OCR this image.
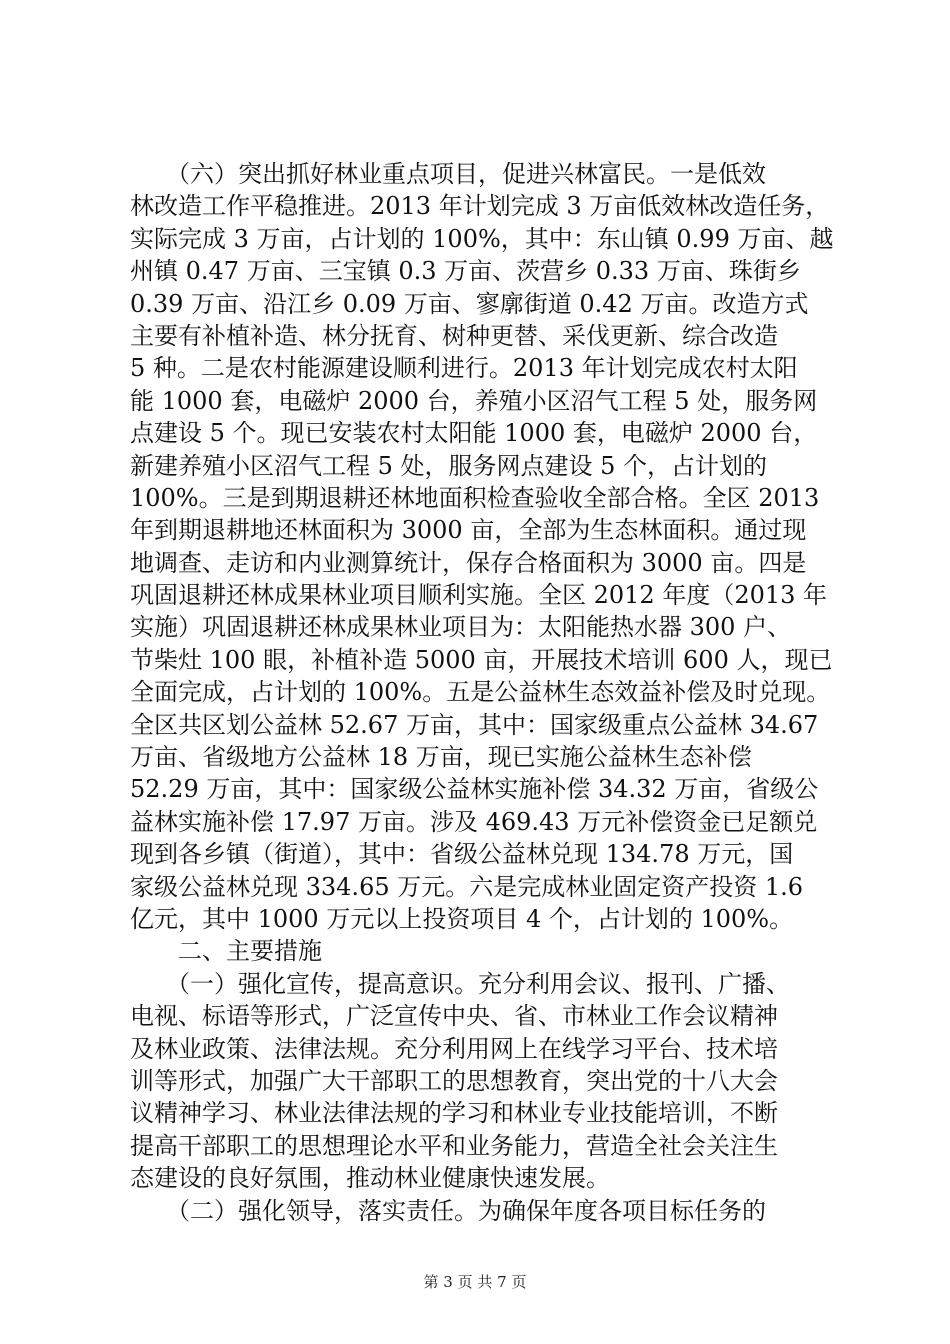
　　（六）突出抓好林业重点项目，促进兴林富民。一是低效
林改造工作平稳推进。2013 年计划完成 3 万亩低效林改造任务，
实际完成 3 万亩，占计划的 100%，其中：东山镇 0.99 万亩、越
州镇 0.47 万亩、三宝镇 0.3 万亩、茨营乡 0.33 万亩、珠街乡
0.39 万亩、沿江乡 0.09 万亩、寥廓街道 0.42 万亩。改造方式
主要有补植补造、林分抚育、树种更替、采伐更新、综合改造
5 种。二是农村能源建设顺利进行。2013 年计划完成农村太阳
能 1000 套，电磁炉 2000 台，养殖小区沼气工程 5 处，服务网
点建设 5 个。现已安装农村太阳能 1000 套，电磁炉 2000 台，
新建养殖小区沼气工程 5 处，服务网点建设 5 个，占计划的
100%。三是到期退耕还林地面积检查验收全部合格。全区 2013
年到期退耕地还林面积为 3000 亩，全部为生态林面积。通过现
地调查、走访和内业测算统计，保存合格面积为 3000 亩。四是
巩固退耕还林成果林业项目顺利实施。全区 2012 年度（2013 年
实施）巩固退耕还林成果林业项目为：太阳能热水器 300 户、
节柴灶 100 眼，补植补造 5000 亩，开展技术培训 600 人，现已
全面完成，占计划的 100%。五是公益林生态效益补偿及时兑现。
全区共区划公益林 52.67 万亩，其中：国家级重点公益林 34.67
万亩、省级地方公益林 18 万亩，现已实施公益林生态补偿
52.29 万亩，其中：国家级公益林实施补偿 34.32 万亩，省级公
益林实施补偿 17.97 万亩。涉及 469.43 万元补偿资金已足额兑
现到各乡镇（街道），其中：省级公益林兑现 134.78 万元，国
家级公益林兑现 334.65 万元。六是完成林业固定资产投资 1.6
亿元，其中 1000 万元以上投资项目 4 个，占计划的 100%。
　　二、主要措施
　　（一）强化宣传，提高意识。充分利用会议、报刊、广播、
电视、标语等形式，广泛宣传中央、省、市林业工作会议精神
及林业政策、法律法规。充分利用网上在线学习平台、技术培
训等形式，加强广大干部职工的思想教育，突出党的十八大会
议精神学习、林业法律法规的学习和林业专业技能培训，不断
提高干部职工的思想理论水平和业务能力，营造全社会关注生
态建设的良好氛围，推动林业健康快速发展。
　　（二）强化领导，落实责任。为确保年度各项目标任务的
第 3 页 共 7 页
